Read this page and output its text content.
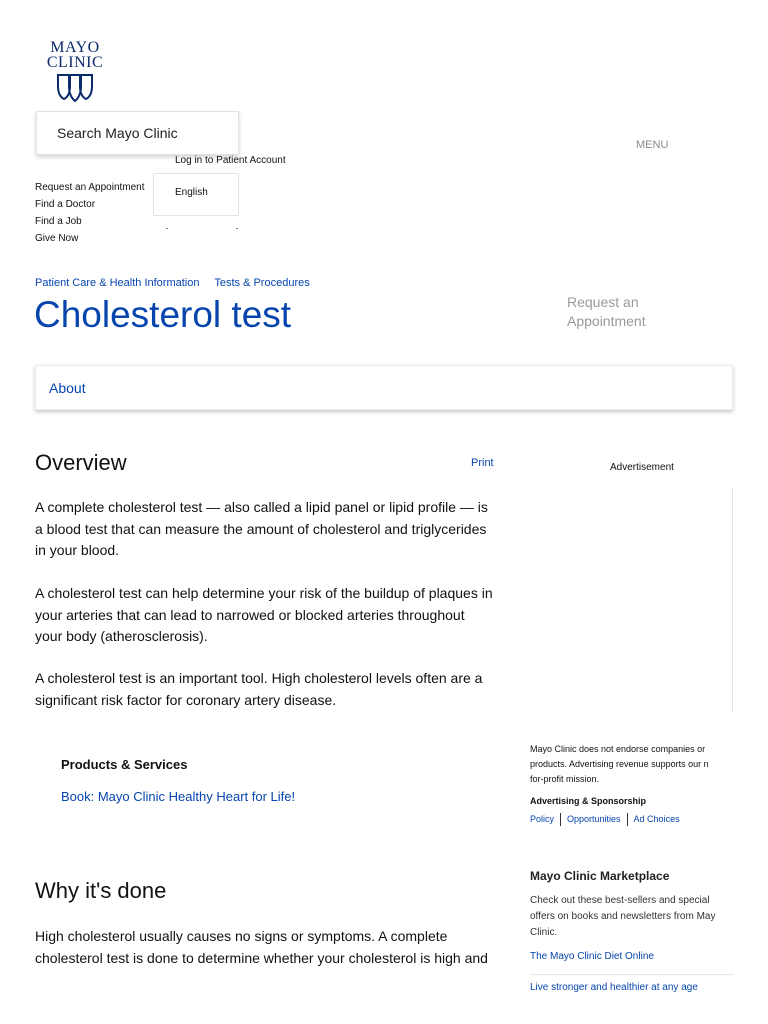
MAYO
CLINIC
Search Mayo Clinic
MENU
Log in to Patient Account
Request an Appointment
Find a Doctor
Find a Job
Give Now
English
Patient Care & Health Information Tests & Procedures
Cholesterol test	Request an
Appointment
About
Overview	Print

A complete cholesterol test — also called a lipid panel or lipid profile — is a blood test that can measure the amount of cholesterol and triglycerides in your blood.

A cholesterol test can help determine your risk of the buildup of plaques in your arteries that can lead to narrowed or blocked arteries throughout your body (atherosclerosis).

A cholesterol test is an important tool. High cholesterol levels often are a significant risk factor for coronary artery disease.

Products & Services
Book: Mayo Clinic Healthy Heart for Life!
Why it's done

High cholesterol usually causes no signs or symptoms. A complete cholesterol test is done to determine whether your cholesterol is high and

Advertisement
Mayo Clinic does not endorse companies or
products. Advertising revenue supports our n
for-profit mission.
Advertising & Sponsorship
Policy	Opportunities	Ad Choices
Mayo Clinic Marketplace
Check out these best-sellers and special
offers on books and newsletters from May
Clinic.
The Mayo Clinic Diet Online
Live stronger and healthier at any age
